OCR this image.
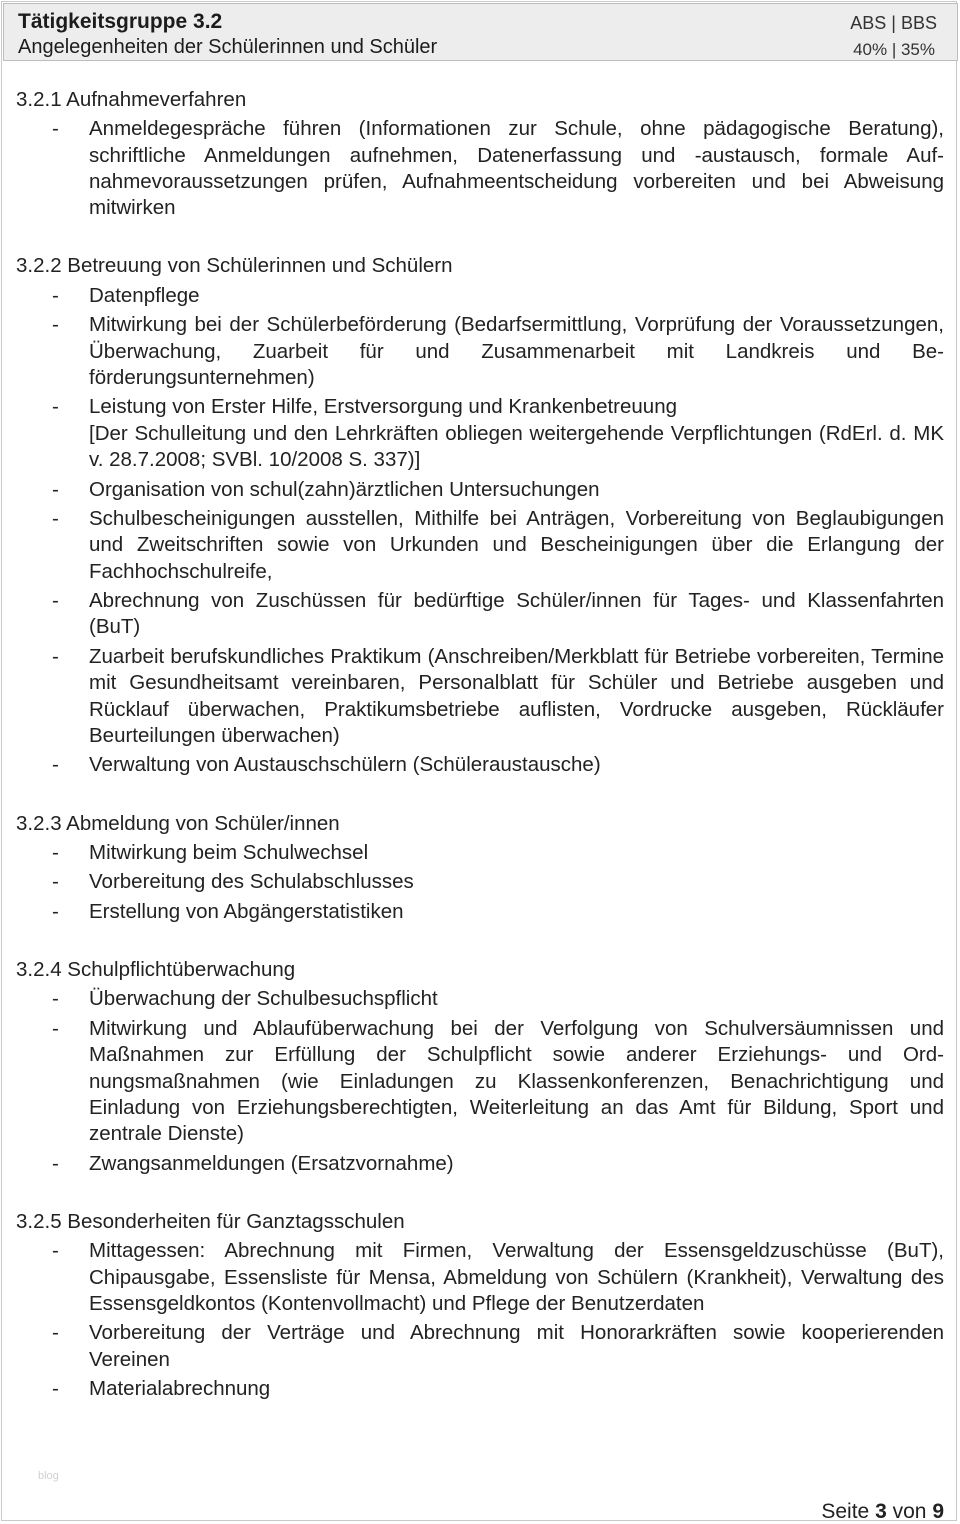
Tätigkeitsgruppe 3.2
Angelegenheiten der Schülerinnen und Schüler
ABS | BBS
40% | 35%
3.2.1 Aufnahmeverfahren
- Anmeldegespräche führen (Informationen zur Schule, ohne pädagogische Beratung), schriftliche Anmeldungen aufnehmen, Datenerfassung und -austausch, formale Aufnahmevoraussetzungen prüfen, Aufnahmeentscheidung vorbereiten und bei Abweisung mitwirken
3.2.2 Betreuung von Schülerinnen und Schülern
- Datenpflege
- Mitwirkung bei der Schülerbeförderung (Bedarfsermittlung, Vorprüfung der Voraussetzungen, Überwachung, Zuarbeit für und Zusammenarbeit mit Landkreis und Beförderungsunternehmen)
- Leistung von Erster Hilfe, Erstversorgung und Krankenbetreuung
[Der Schulleitung und den Lehrkräften obliegen weitergehende Verpflichtungen (RdErl. d. MK v. 28.7.2008; SVBl. 10/2008 S. 337)]
- Organisation von schul(zahn)ärztlichen Untersuchungen
- Schulbescheinigungen ausstellen, Mithilfe bei Anträgen, Vorbereitung von Beglaubigungen und Zweitschriften sowie von Urkunden und Bescheinigungen über die Erlangung der Fachhochschulreife,
- Abrechnung von Zuschüssen für bedürftige Schüler/innen für Tages- und Klassenfahrten (BuT)
- Zuarbeit berufskundliches Praktikum (Anschreiben/Merkblatt für Betriebe vorbereiten, Termine mit Gesundheitsamt vereinbaren, Personalblatt für Schüler und Betriebe ausgeben und Rücklauf überwachen, Praktikumsbetriebe auflisten, Vordrucke ausgeben, Rückläufer Beurteilungen überwachen)
- Verwaltung von Austauschschülern (Schüleraustausche)
3.2.3 Abmeldung von Schüler/innen
- Mitwirkung beim Schulwechsel
- Vorbereitung des Schulabschlusses
- Erstellung von Abgängerstatistiken
3.2.4 Schulpflichtüberwachung
- Überwachung der Schulbesuchspflicht
- Mitwirkung und Ablaufüberwachung bei der Verfolgung von Schulversäumnissen und Maßnahmen zur Erfüllung der Schulpflicht sowie anderer Erziehungs- und Ordnungsmaßnahmen (wie Einladungen zu Klassenkonferenzen, Benachrichtigung und Einladung von Erziehungsberechtigten, Weiterleitung an das Amt für Bildung, Sport und zentrale Dienste)
- Zwangsanmeldungen (Ersatzvornahme)
3.2.5 Besonderheiten für Ganztagsschulen
- Mittagessen: Abrechnung mit Firmen, Verwaltung der Essensgeldzuschüsse (BuT), Chipausgabe, Essensliste für Mensa, Abmeldung von Schülern (Krankheit), Verwaltung des Essensgeldkontos (Kontenvollmacht) und Pflege der Benutzerdaten
- Vorbereitung der Verträge und Abrechnung mit Honorarkräften sowie kooperierenden Vereinen
- Materialabrechnung
blog
Seite 3 von 9
